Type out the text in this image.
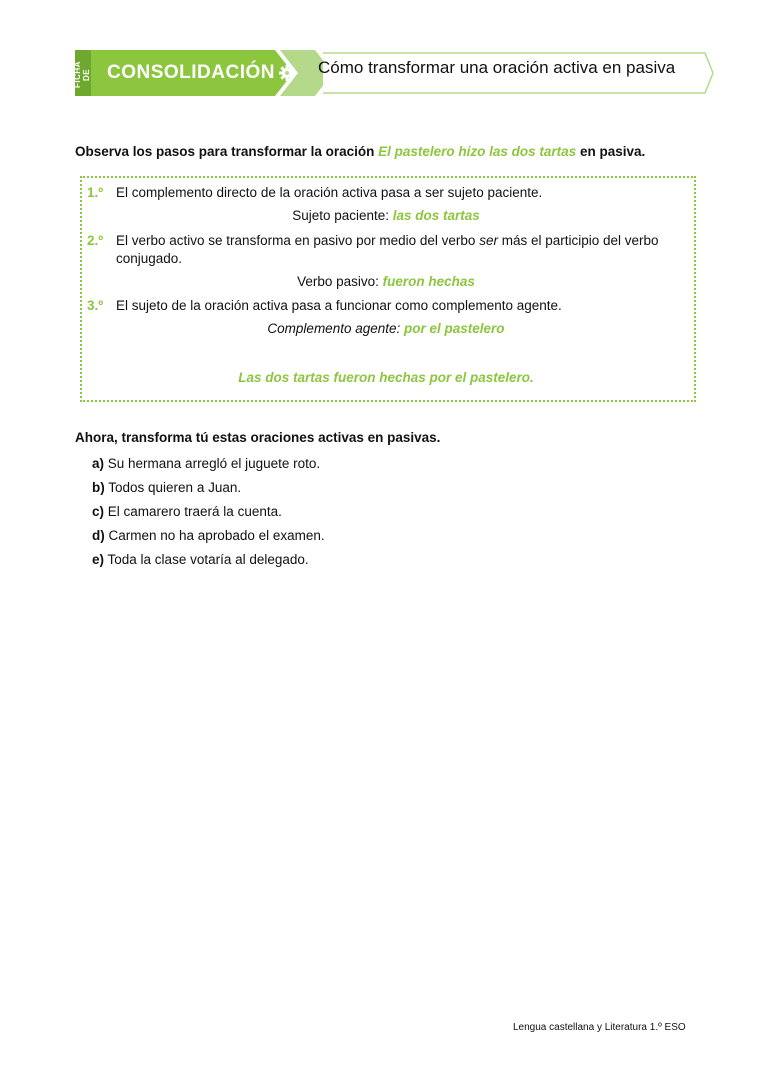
FICHA DE CONSOLIDACIÓN	Cómo transformar una oración activa en pasiva
Observa los pasos para transformar la oración El pastelero hizo las dos tartas en pasiva.
1.º El complemento directo de la oración activa pasa a ser sujeto paciente.
Sujeto paciente: las dos tartas
2.º El verbo activo se transforma en pasivo por medio del verbo ser más el participio del verbo
conjugado.
Verbo pasivo: fueron hechas
3.º El sujeto de la oración activa pasa a funcionar como complemento agente.
Complemento agente: por el pastelero
Las dos tartas fueron hechas por el pastelero.
Ahora, transforma tú estas oraciones activas en pasivas.
a) Su hermana arregló el juguete roto.
b) Todos quieren a Juan.
c) El camarero traerá la cuenta.
d) Carmen no ha aprobado el examen.
e) Toda la clase votaría al delegado.
Lengua castellana y Literatura 1.º ESO
